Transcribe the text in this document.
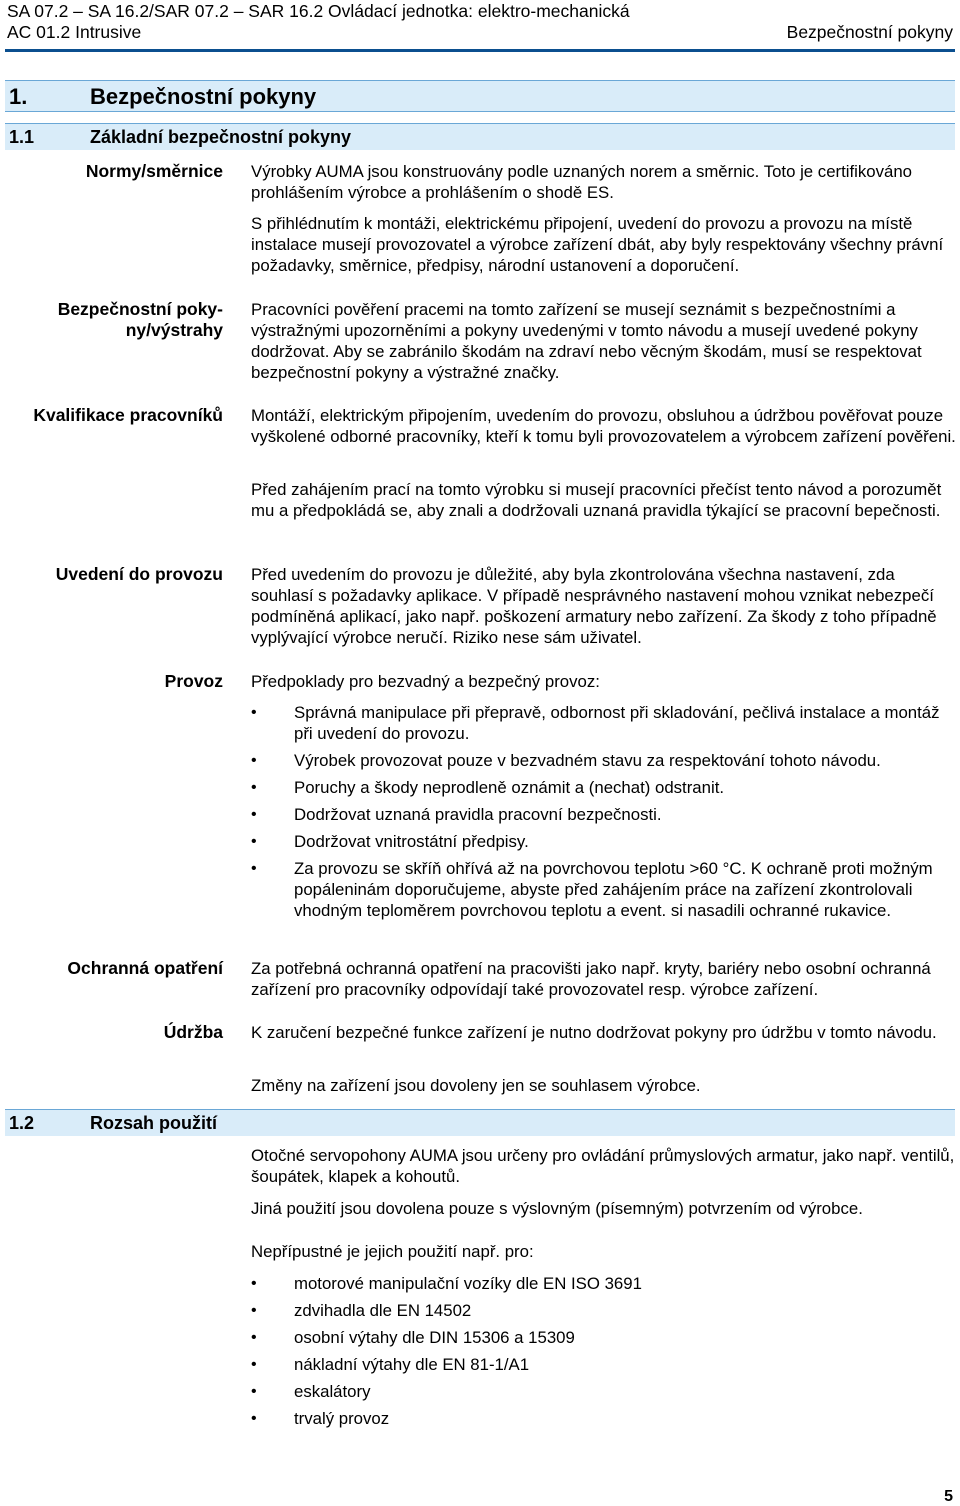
SA 07.2 – SA 16.2/SAR 07.2 – SAR 16.2 Ovládací jednotka: elektro-mechanická
AC 01.2 Intrusive	Bezpečnostní pokyny
1.	Bezpečnostní pokyny
1.1	Základní bezpečnostní pokyny
Normy/směrnice Výrobky AUMA jsou konstruovány podle uznaných norem a směrnic. Toto je certifikováno prohlášením výrobce a prohlášením o shodě ES.

S přihlédnutím k montáži, elektrickému připojení, uvedení do provozu a provozu na místě instalace musejí provozovatel a výrobce zařízení dbát, aby byly respektovány všechny právní požadavky, směrnice, předpisy, národní ustanovení a doporučení.

Bezpečnostní poky-
ny/výstrahy

Pracovníci pověření pracemi na tomto zařízení se musejí seznámit s bezpečnostními a výstražnými upozorněními a pokyny uvedenými v tomto návodu a musejí uvedené pokyny dodržovat. Aby se zabránilo škodám na zdraví nebo věcným škodám, musí se respektovat bezpečnostní pokyny a výstražné značky.

Kvalifikace pracovníků Montáží, elektrickým připojením, uvedením do provozu, obsluhou a údržbou pověřovat pouze vyškolené odborné pracovníky, kteří k tomu byli provozovatelem a výrobcem zařízení pověřeni.

Před zahájením prací na tomto výrobku si musejí pracovníci přečíst tento návod a porozumět mu a předpokládá se, aby znali a dodržovali uznaná pravidla týkající se pracovní bepečnosti.

Uvedení do provozu Před uvedením do provozu je důležité, aby byla zkontrolována všechna nastavení, zda souhlasí s požadavky aplikace. V případě nesprávného nastavení mohou vznikat nebezpečí podmíněná aplikací, jako např. poškození armatury nebo zařízení. Za škody z toho případně vyplývající výrobce neručí. Riziko nese sám uživatel.

Provoz Předpoklady pro bezvadný a bezpečný provoz:

• Správná manipulace při přepravě, odbornost při skladování, pečlivá instalace a montáž při uvedení do provozu.
• Výrobek provozovat pouze v bezvadném stavu za respektování tohoto návodu.
• Poruchy a škody neprodleně oznámit a (nechat) odstranit.
• Dodržovat uznaná pravidla pracovní bezpečnosti.
• Dodržovat vnitrostátní předpisy.
• Za provozu se skříň ohřívá až na povrchovou teplotu >60 °C. K ochraně proti možným popáleninám doporučujeme, abyste před zahájením práce na zařízení zkontrolovali vhodným teploměrem povrchovou teplotu a event. si nasadili ochranné rukavice.
Ochranná opatření Za potřebná ochranná opatření na pracovišti jako např. kryty, bariéry nebo osobní ochranná zařízení pro pracovníky odpovídají také provozovatel resp. výrobce zařízení.

Údržba K zaručení bezpečné funkce zařízení je nutno dodržovat pokyny pro údržbu v tomto návodu.

Změny na zařízení jsou dovoleny jen se souhlasem výrobce.

1.2	Rozsah použití

Otočné servopohony AUMA jsou určeny pro ovládání průmyslových armatur, jako např. ventilů, šoupátek, klapek a kohoutů.

Jiná použití jsou dovolena pouze s výslovným (písemným) potvrzením od výrobce.

Nepřípustné je jejich použití např. pro:

• motorové manipulační vozíky dle EN ISO 3691
• zdvihadla dle EN 14502
• osobní výtahy dle DIN 15306 a 15309
• nákladní výtahy dle EN 81-1/A1
• eskalátory
• trvalý provoz
5
